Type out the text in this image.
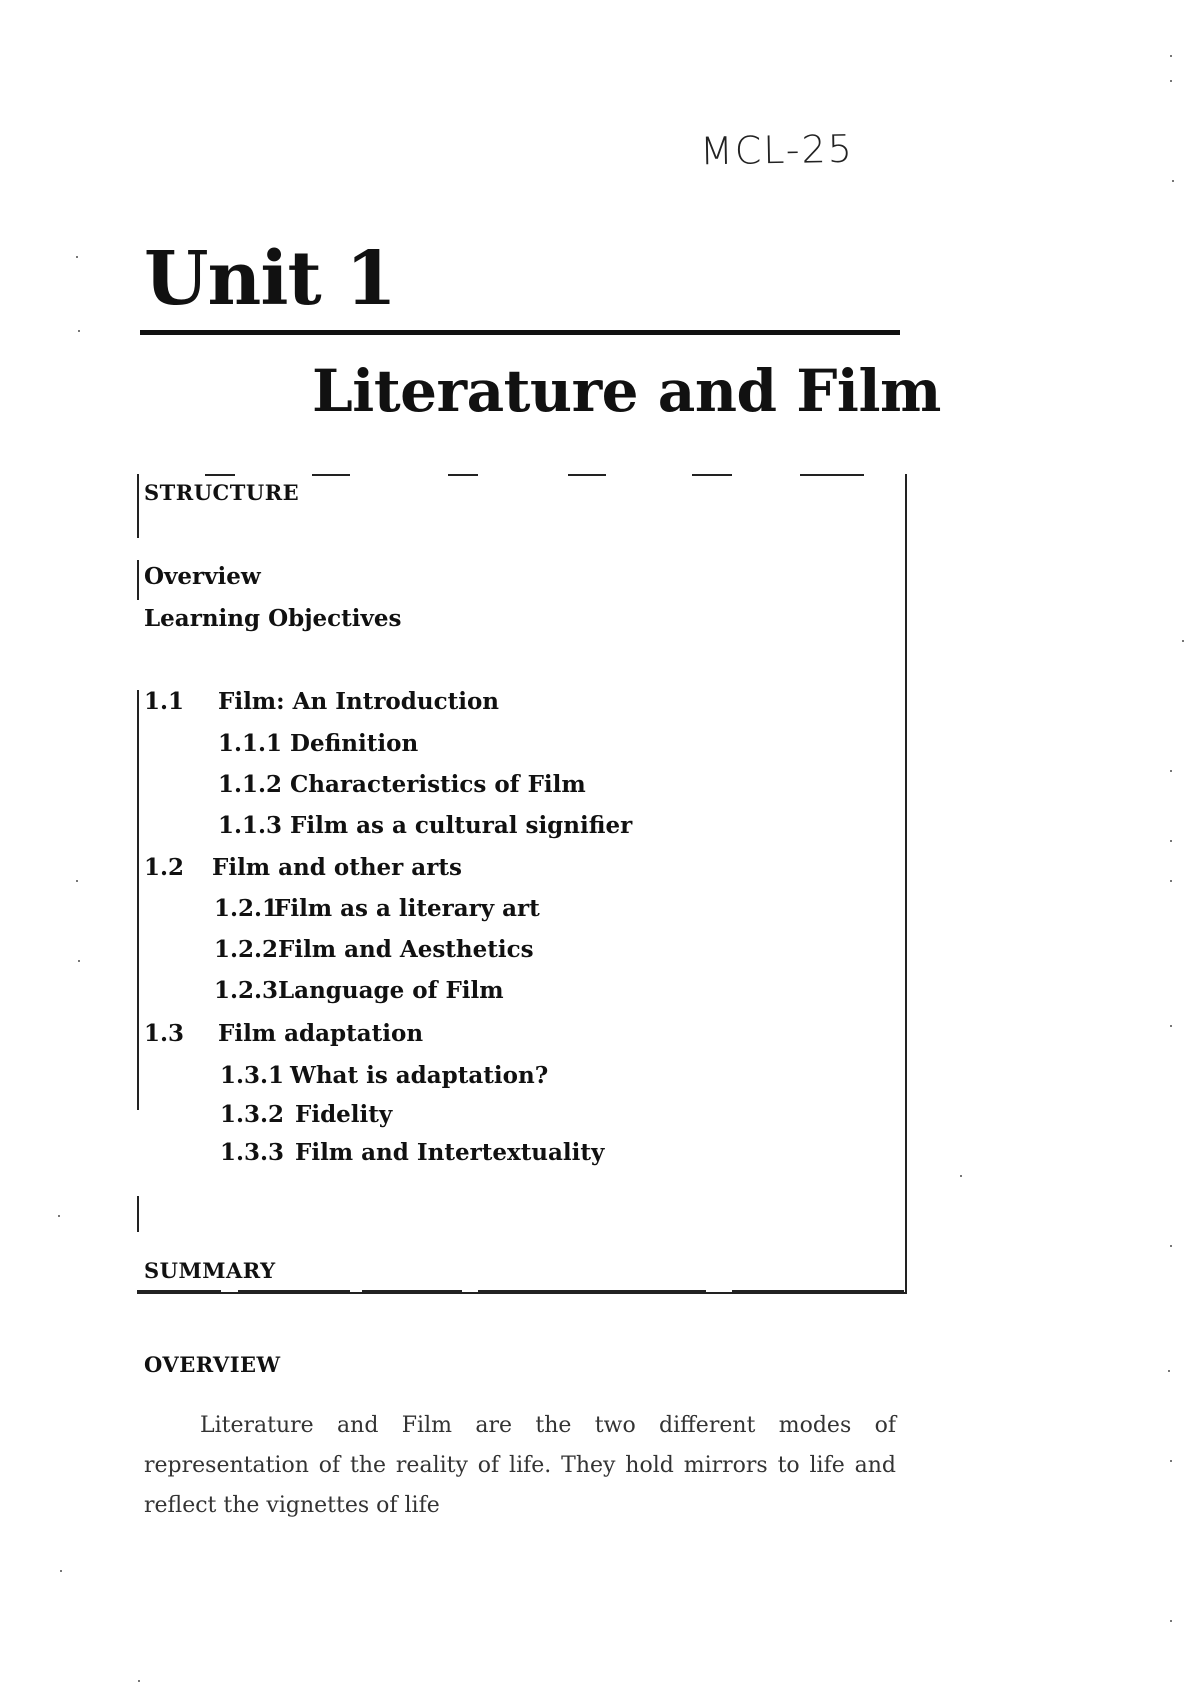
MCL-25
Unit 1
Literature and Film
STRUCTURE
Overview
Learning Objectives
1.1 Film: An Introduction
1.1.1 Definition
1.1.2 Characteristics of Film
1.1.3 Film as a cultural signifier
1.2 Film and other arts
1.2.1Film as a literary art
1.2.2Film and Aesthetics
1.2.3Language of Film
1.3 Film adaptation
1.3.1 What is adaptation?
1.3.2 Fidelity
1.3.3 Film and Intertextuality
SUMMARY
OVERVIEW
Literature and Film are the two different modes of representation of the reality of life. They hold mirrors to life and reflect the vignettes of life
